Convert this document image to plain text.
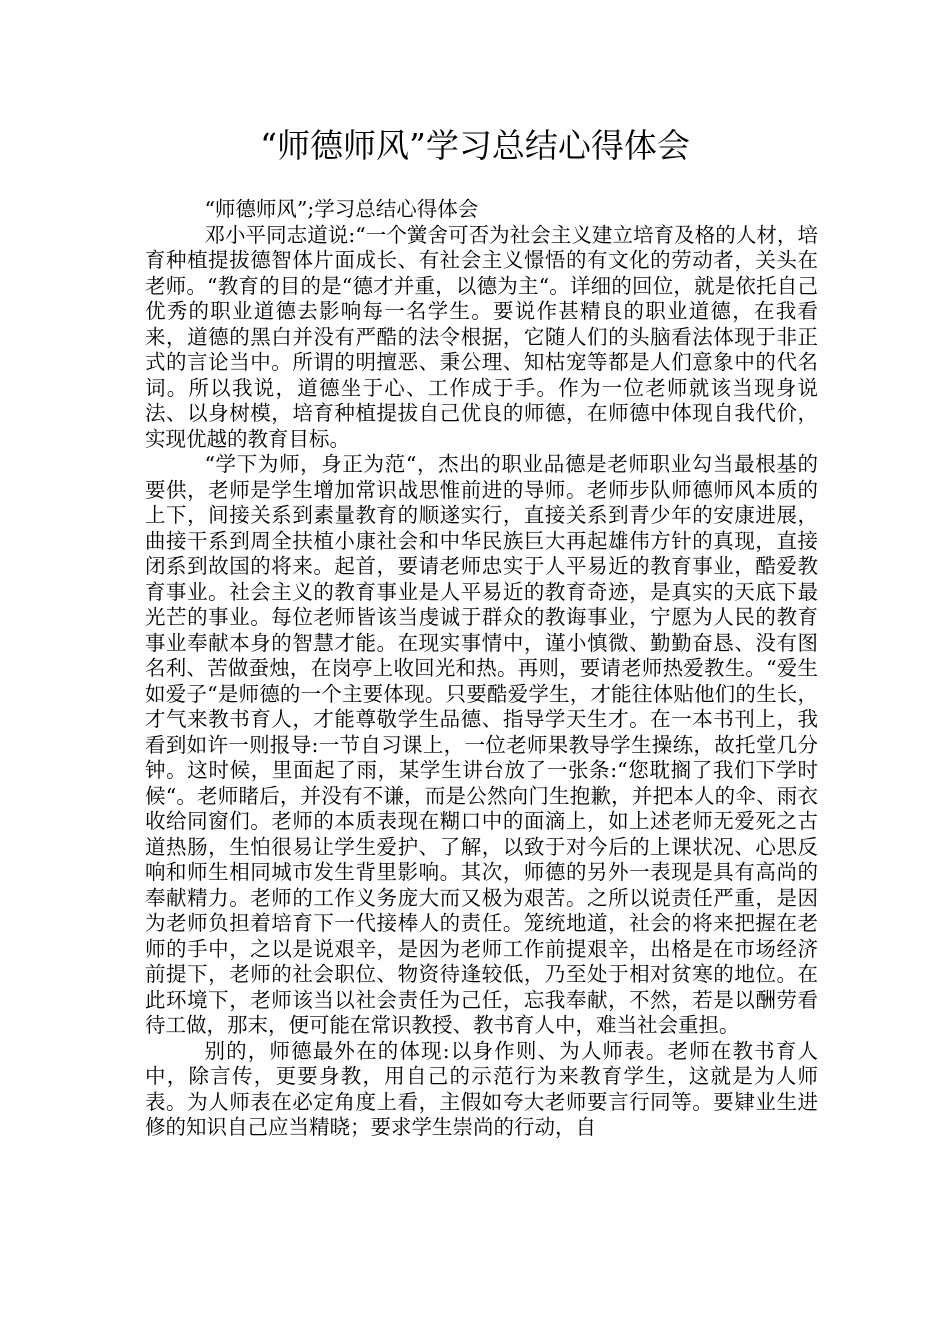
“师德师风”学习总结心得体会

“师德师风”;学习总结心得体会

邓小平同志道说:“一个黉舍可否为社会主义建立培育及格的人材，培育种植提拔德智体片面成长、有社会主义憬悟的有文化的劳动者，关头在老师。“教育的目的是“德才并重，以德为主“。详细的回位，就是依托自己优秀的职业道德去影响每一名学生。要说作甚精良的职业道德，在我看来，道德的黑白并没有严酷的法令根据，它随人们的头脑看法体现于非正式的言论当中。所谓的明擅恶、秉公理、知枯宠等都是人们意象中的代名词。所以我说，道德坐于心、工作成于手。作为一位老师就该当现身说法、以身树模，培育种植提拔自己优良的师德，在师德中体现自我代价，实现优越的教育目标。

“学下为师，身正为范“，杰出的职业品德是老师职业勾当最根基的要供，老师是学生增加常识战思惟前进的导师。老师步队师德师风本质的上下，间接关系到素量教育的顺遂实行，直接关系到青少年的安康进展，曲接干系到周全扶植小康社会和中华民族巨大再起雄伟方针的真现，直接闭系到故国的将来。起首，要请老师忠实于人平易近的教育事业，酷爱教育事业。社会主义的教育事业是人平易近的教育奇迹，是真实的天底下最光芒的事业。每位老师皆该当虔诚于群众的教诲事业，宁愿为人民的教育事业奉献本身的智慧才能。在现实事情中，谨小慎微、勤勤奋恳、没有图名利、苦做蚕烛，在岗亭上收回光和热。再则，要请老师热爱教生。“爱生如爱子“是师德的一个主要体现。只要酷爱学生，才能往体贴他们的生长，才气来教书育人，才能尊敬学生品德、指导学天生才。在一本书刊上，我看到如许一则报导:一节自习课上，一位老师果教导学生操练，故托堂几分钟。这时候，里面起了雨，某学生讲台放了一张条:“您耽搁了我们下学时候“。老师睹后，并没有不谦，而是公然向门生抱歉，并把本人的伞、雨衣收给同窗们。老师的本质表现在糊口中的面滴上，如上述老师无爱死之古道热肠，生怕很易让学生爱护、了解，以致于对今后的上课状况、心思反响和师生相同城市发生背里影响。其次，师德的另外一表现是具有高尚的奉献精力。老师的工作义务庞大而又极为艰苦。之所以说责任严重，是因为老师负担着培育下一代接棒人的责任。笼统地道，社会的将来把握在老师的手中，之以是说艰辛，是因为老师工作前提艰辛，出格是在市场经济前提下，老师的社会职位、物资待逢较低，乃至处于相对贫寒的地位。在此环境下，老师该当以社会责任为己任，忘我奉献，不然，若是以酬劳看待工做，那末，便可能在常识教授、教书育人中，难当社会重担。

别的，师德最外在的体现:以身作则、为人师表。老师在教书育人中，除言传，更要身教，用自己的示范行为来教育学生，这就是为人师表。为人师表在必定角度上看，主假如夸大老师要言行同等。要肄业生进修的知识自己应当精晓；要求学生崇尚的行动，自
